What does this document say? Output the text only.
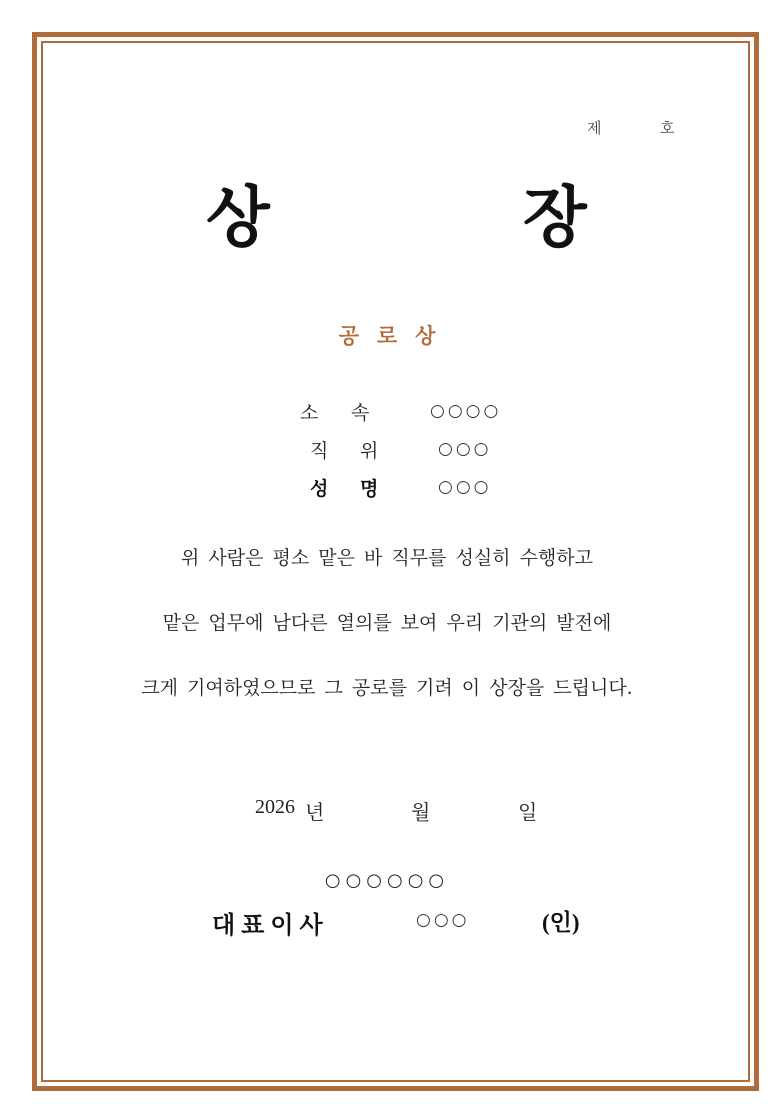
제	호
상	장
공로상
소 속	○○○○
직 위	○○○
성 명	○○○
위 사람은 평소 맡은 바 직무를 성실히 수행하고
맡은 업무에 남다른 열의를 보여 우리 기관의 발전에
크게 기여하였으므로 그 공로를 기려 이 상장을 드립니다.
2026 년	월	일
○○○○○○
대표이사	○○○	(인)
